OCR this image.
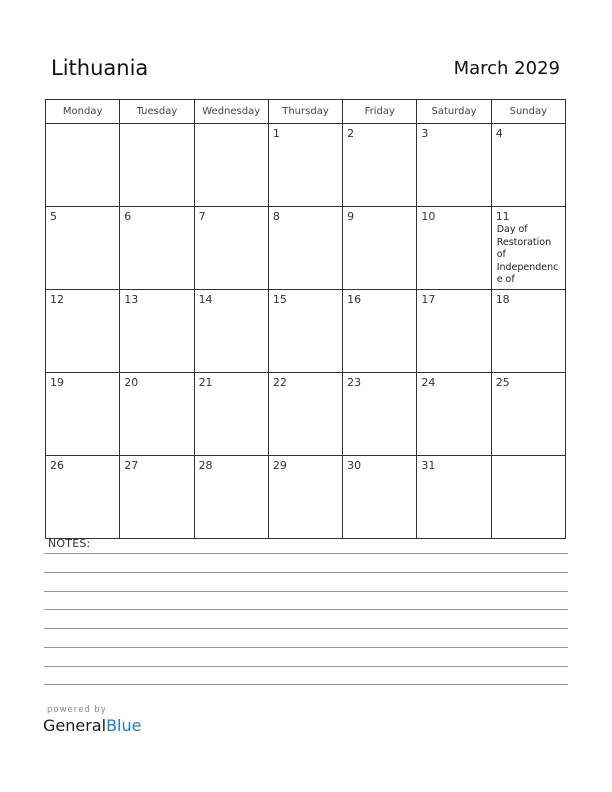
Lithuania	March 2029
Monday	Tuesday	Wednesday	Thursday	Friday	Saturday	Sunday

			1	2	3	4

5	6	7	8	9	10	11
Day of Restoration of Independence of

12	13	14	15	16	17	18

19	20	21	22	23	24	25

26	27	28	29	30	31	

NOTES:
powered by
GeneralBlue
